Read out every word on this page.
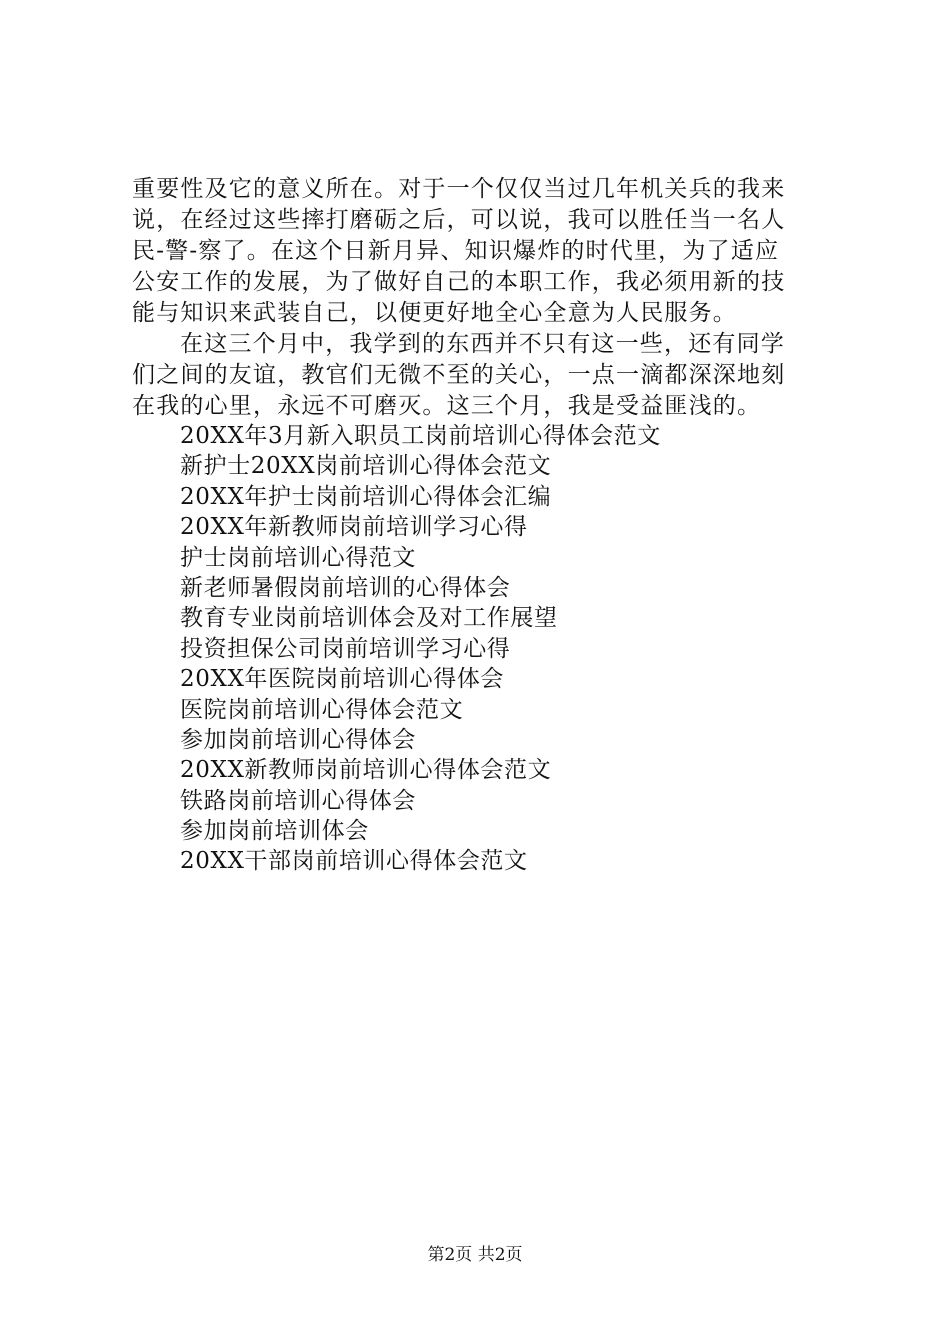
重要性及它的意义所在。对于一个仅仅当过几年机关兵的我来
说，在经过这些摔打磨砺之后，可以说，我可以胜任当一名人
民-警-察了。在这个日新月异、知识爆炸的时代里，为了适应
公安工作的发展，为了做好自己的本职工作，我必须用新的技
能与知识来武装自己，以便更好地全心全意为人民服务。
在这三个月中，我学到的东西并不只有这一些，还有同学
们之间的友谊，教官们无微不至的关心，一点一滴都深深地刻
在我的心里，永远不可磨灭。这三个月，我是受益匪浅的。
20XX年3月新入职员工岗前培训心得体会范文
新护士20XX岗前培训心得体会范文
20XX年护士岗前培训心得体会汇编
20XX年新教师岗前培训学习心得
护士岗前培训心得范文
新老师暑假岗前培训的心得体会
教育专业岗前培训体会及对工作展望
投资担保公司岗前培训学习心得
20XX年医院岗前培训心得体会
医院岗前培训心得体会范文
参加岗前培训心得体会
20XX新教师岗前培训心得体会范文
铁路岗前培训心得体会
参加岗前培训体会
20XX干部岗前培训心得体会范文
第2页 共2页
